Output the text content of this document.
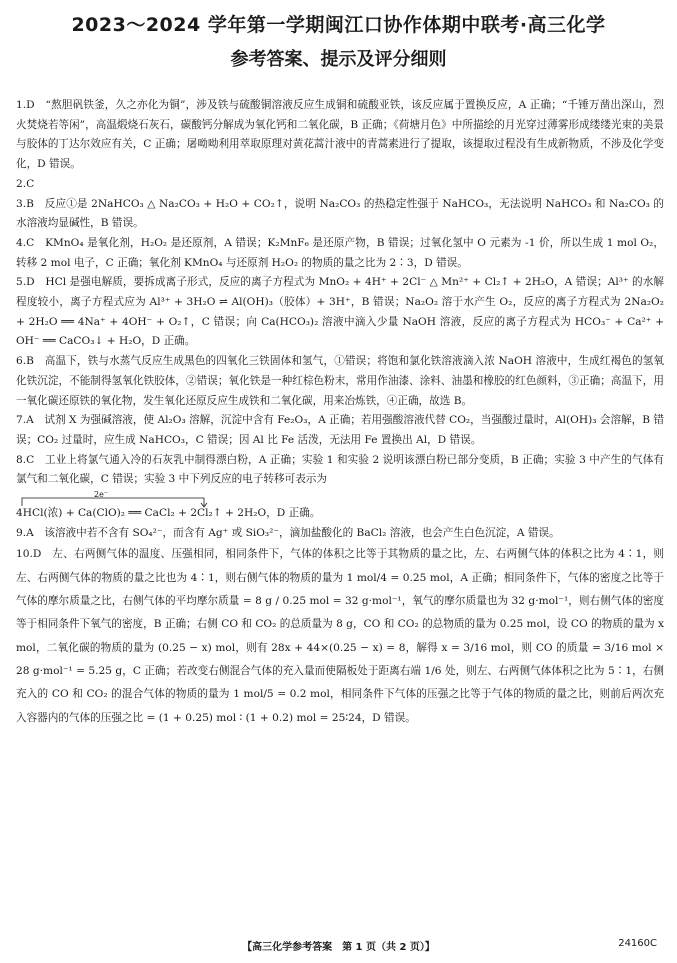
2023～2024 学年第一学期闽江口协作体期中联考·高三化学

参考答案、提示及评分细则

1.D　 “熬胆矾铁釜，久之亦化为铜”，涉及铁与硫酸铜溶液反应生成铜和硫酸亚铁，该反应属于置换反应，A 正确；“千锤万凿出深山，烈火焚烧若等闲”，高温煅烧石灰石，碳酸钙分解成为氧化钙和二氧化碳，B 正确；《荷塘月色》中所描绘的月光穿过薄雾形成缕缕光束的美景与胶体的丁达尔效应有关，C 正确；屠呦呦利用萃取原理对黄花蒿汁液中的青蒿素进行了提取，该提取过程没有生成新物质，不涉及化学变化，D 错误。

2.C

3.B　 反应①是 2NaHCO₃ △ Na₂CO₃ + H₂O + CO₂↑，说明 Na₂CO₃ 的热稳定性强于 NaHCO₃，无法说明 NaHCO₃ 和 Na₂CO₃ 的水溶液均显碱性，B 错误。

4.C　 KMnO₄ 是氧化剂，H₂O₂ 是还原剂，A 错误；K₂MnF₆ 是还原产物，B 错误；过氧化氢中 O 元素为 -1 价，所以生成 1 mol O₂，转移 2 mol 电子，C 正确；氧化剂 KMnO₄ 与还原剂 H₂O₂ 的物质的量之比为 2∶3，D 错误。

5.D　 HCl 是强电解质，要拆成离子形式，反应的离子方程式为 MnO₂ + 4H⁺ + 2Cl⁻ △ Mn²⁺ + Cl₂↑ + 2H₂O，A 错误；Al³⁺ 的水解程度较小，离子方程式应为 Al³⁺ + 3H₂O ⇌ Al(OH)₃（胶体）+ 3H⁺，B 错误；Na₂O₂ 溶于水产生 O₂，反应的离子方程式为 2Na₂O₂ + 2H₂O ══ 4Na⁺ + 4OH⁻ + O₂↑，C 错误；向 Ca(HCO₃)₂ 溶液中滴入少量 NaOH 溶液，反应的离子方程式为 HCO₃⁻ + Ca²⁺ + OH⁻ ══ CaCO₃↓ + H₂O，D 正确。

6.B　 高温下，铁与水蒸气反应生成黑色的四氧化三铁固体和氢气，①错误；将饱和氯化铁溶液滴入浓 NaOH 溶液中，生成红褐色的氢氧化铁沉淀，不能制得氢氧化铁胶体，②错误；氧化铁是一种红棕色粉末，常用作油漆、涂料、油墨和橡胶的红色颜料，③正确；高温下，用一氧化碳还原铁的氧化物，发生氧化还原反应生成铁和二氧化碳，用来冶炼铁，④正确，故选 B。

7.A　 试剂 X 为强碱溶液，使 Al₂O₃ 溶解，沉淀中含有 Fe₂O₃，A 正确；若用强酸溶液代替 CO₂，当强酸过量时，Al(OH)₃ 会溶解，B 错误；CO₂ 过量时，应生成 NaHCO₃，C 错误；因 Al 比 Fe 活泼，无法用 Fe 置换出 Al，D 错误。

8.C　 工业上将氯气通入冷的石灰乳中制得漂白粉，A 正确；实验 1 和实验 2 说明该漂白粉已部分变质，B 正确；实验 3 中产生的气体有氯气和二氧化碳，C 错误；实验 3 中下列反应的电子转移可表示为

2e⁻
4HCl(浓) + Ca(ClO)₂ ══ CaCl₂ + 2Cl₂↑ + 2H₂O，D 正确。

9.A　 该溶液中若不含有 SO₄²⁻，而含有 Ag⁺ 或 SiO₃²⁻，滴加盐酸化的 BaCl₂ 溶液，也会产生白色沉淀，A 错误。

10.D　 左、右两侧气体的温度、压强相同，相同条件下，气体的体积之比等于其物质的量之比，左、右两侧气体的体积之比为 4∶1，则左、右两侧气体的物质的量之比也为 4∶1，则右侧气体的物质的量为 1 mol/4 = 0.25 mol，A 正确；相同条件下，气体的密度之比等于气体的摩尔质量之比，右侧气体的平均摩尔质量 = 8 g / 0.25 mol = 32 g·mol⁻¹，氧气的摩尔质量也为 32 g·mol⁻¹，则右侧气体的密度等于相同条件下氧气的密度，B 正确；右侧 CO 和 CO₂ 的总质量为 8 g，CO 和 CO₂ 的总物质的量为 0.25 mol，设 CO 的物质的量为 x mol，二氧化碳的物质的量为 (0.25 − x) mol，则有 28x + 44×(0.25 − x) = 8，解得 x = 3/16 mol，则 CO 的质量 = 3/16 mol × 28 g·mol⁻¹ = 5.25 g，C 正确；若改变右侧混合气体的充入量而使隔板处于距离右端 1/6 处，则左、右两侧气体体积之比为 5∶1，右侧充入的 CO 和 CO₂ 的混合气体的物质的量为 1 mol/5 = 0.2 mol，相同条件下气体的压强之比等于气体的物质的量之比，则前后两次充入容器内的气体的压强之比 = (1 + 0.25) mol ∶ (1 + 0.2) mol = 25∶24，D 错误。

【高三化学参考答案　第 1 页（共 2 页）】	24160C
